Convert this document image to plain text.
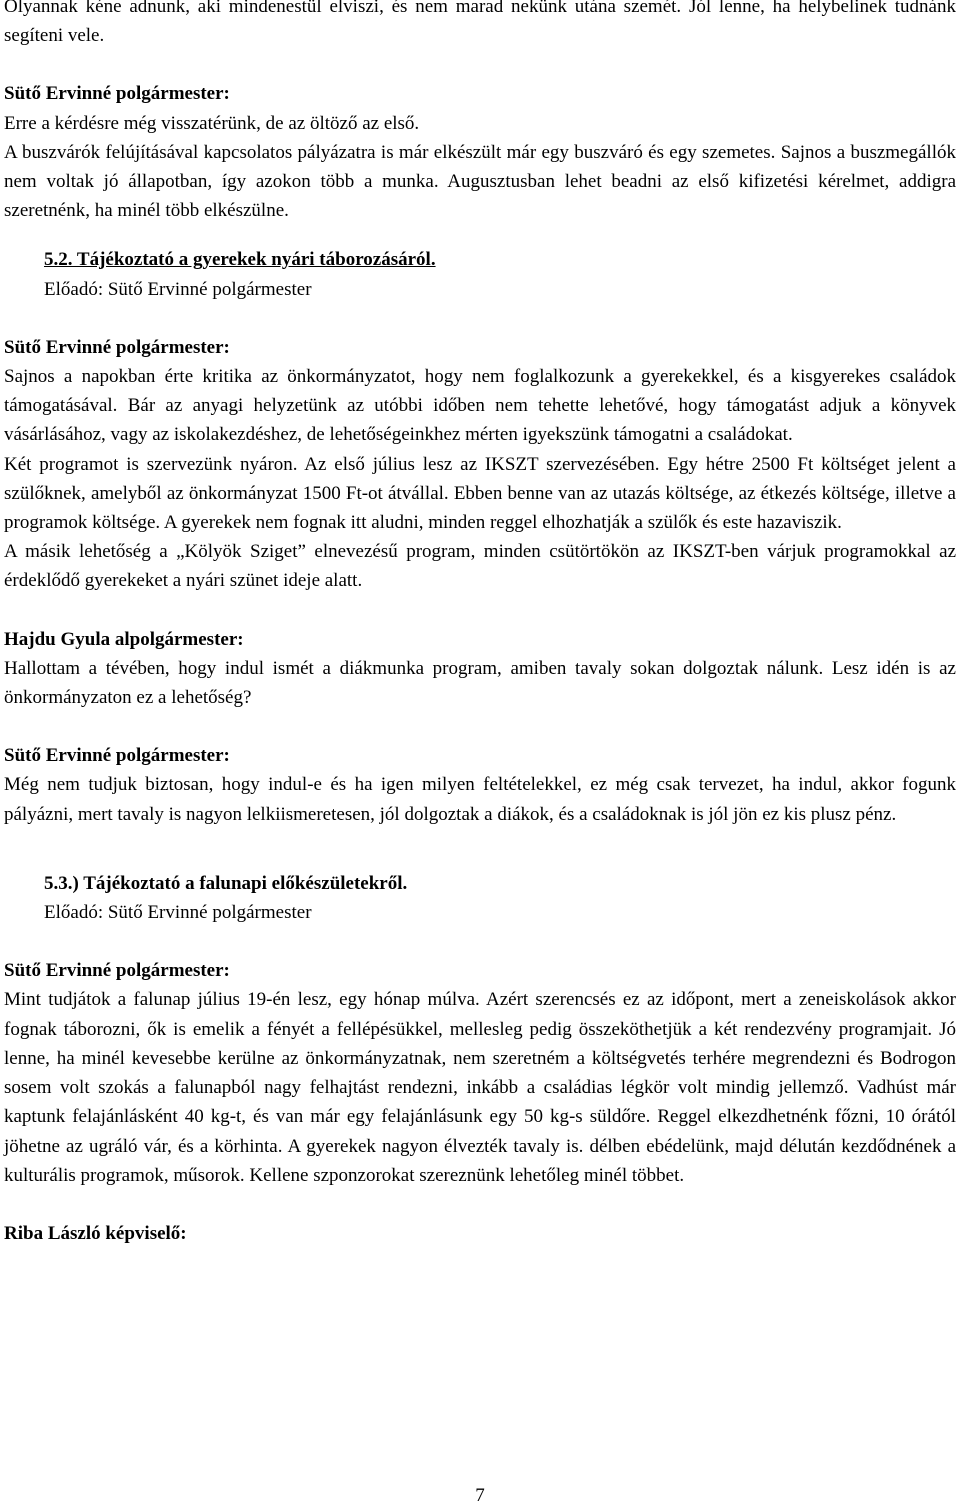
Olyannak kéne adnunk, aki mindenestül elviszi, és nem marad nekünk utána szemét. Jól lenne, ha helybelinek tudnánk segíteni vele.

Sütő Ervinné polgármester:

Erre a kérdésre még visszatérünk, de az öltöző az első.

A buszvárók felújításával kapcsolatos pályázatra is már elkészült már egy buszváró és egy szemetes. Sajnos a buszmegállók nem voltak jó állapotban, így azokon több a munka. Augusztusban lehet beadni az első kifizetési kérelmet, addigra szeretnénk, ha minél több elkészülne.

5.2. Tájékoztató a gyerekek nyári táborozásáról.

Előadó: Sütő Ervinné polgármester

Sütő Ervinné polgármester:

Sajnos a napokban érte kritika az önkormányzatot, hogy nem foglalkozunk a gyerekekkel, és a kisgyerekes családok támogatásával. Bár az anyagi helyzetünk az utóbbi időben nem tehette lehetővé, hogy támogatást adjuk a könyvek vásárlásához, vagy az iskolakezdéshez, de lehetőségeinkhez mérten igyekszünk támogatni a családokat.

Két programot is szervezünk nyáron. Az első július lesz az IKSZT szervezésében. Egy hétre 2500 Ft költséget jelent a szülőknek, amelyből az önkormányzat 1500 Ft-ot átvállal. Ebben benne van az utazás költsége, az étkezés költsége, illetve a programok költsége. A gyerekek nem fognak itt aludni, minden reggel elhozhatják a szülők és este hazaviszik.

A másik lehetőség a „Kölyök Sziget” elnevezésű program, minden csütörtökön az IKSZT-ben várjuk programokkal az érdeklődő gyerekeket a nyári szünet ideje alatt.

Hajdu Gyula alpolgármester:

Hallottam a tévében, hogy indul ismét a diákmunka program, amiben tavaly sokan dolgoztak nálunk. Lesz idén is az önkormányzaton ez a lehetőség?

Sütő Ervinné polgármester:

Még nem tudjuk biztosan, hogy indul-e és ha igen milyen feltételekkel, ez még csak tervezet, ha indul, akkor fogunk pályázni, mert tavaly is nagyon lelkiismeretesen, jól dolgoztak a diákok, és a családoknak is jól jön ez kis plusz pénz.

5.3.) Tájékoztató a falunapi előkészületekről.

Előadó: Sütő Ervinné polgármester

Sütő Ervinné polgármester:

Mint tudjátok a falunap július 19-én lesz, egy hónap múlva. Azért szerencsés ez az időpont, mert a zeneiskolások akkor fognak táborozni, ők is emelik a fényét a fellépésükkel, mellesleg pedig összeköthetjük a két rendezvény programjait. Jó lenne, ha minél kevesebbe kerülne az önkormányzatnak, nem szeretném a költségvetés terhére megrendezni és Bodrogon sosem volt szokás a falunapból nagy felhajtást rendezni, inkább a családias légkör volt mindig jellemző. Vadhúst már kaptunk felajánlásként 40 kg-t, és van már egy felajánlásunk egy 50 kg-s süldőre. Reggel elkezdhetnénk főzni, 10 órától jöhetne az ugráló vár, és a körhinta. A gyerekek nagyon élvezték tavaly is. délben ebédelünk, majd délután kezdődnének a kulturális programok, műsorok. Kellene szponzorokat szereznünk lehetőleg minél többet.

Riba László képviselő:

7
